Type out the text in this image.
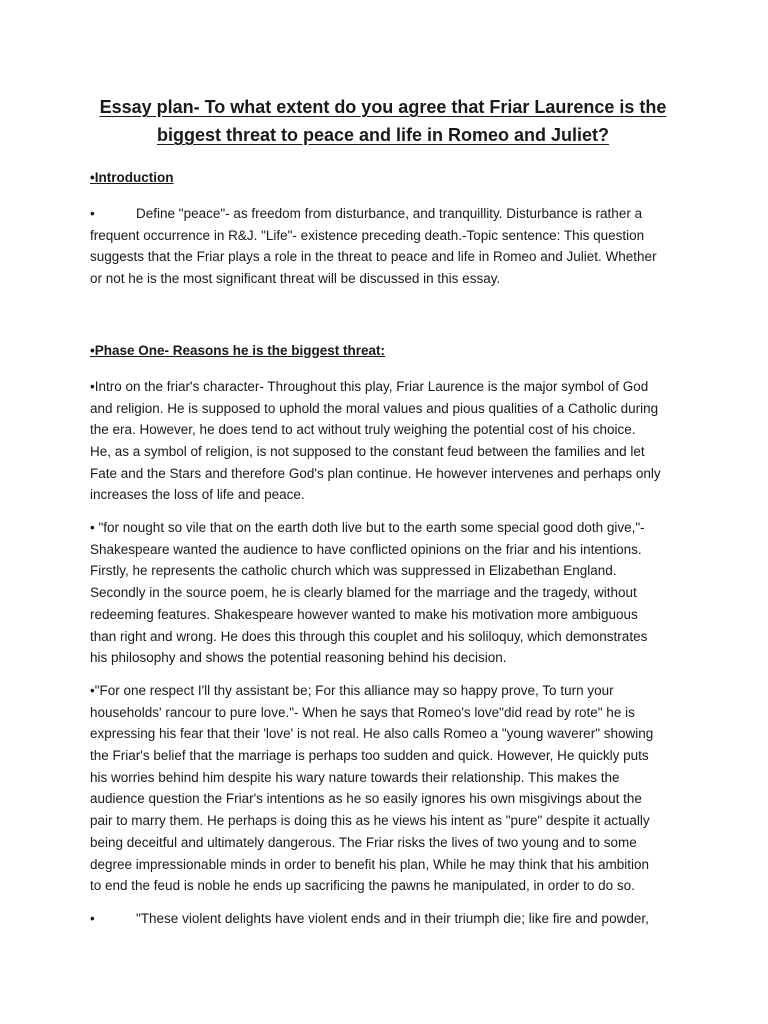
Essay plan- To what extent do you agree that Friar Laurence is the
biggest threat to peace and life in Romeo and Juliet?

•Introduction

•	Define "peace"- as freedom from disturbance, and tranquillity. Disturbance is rather a
frequent occurrence in R&J. "Life"- existence preceding death.-Topic sentence: This question
suggests that the Friar plays a role in the threat to peace and life in Romeo and Juliet. Whether
or not he is the most significant threat will be discussed in this essay.

•Phase One- Reasons he is the biggest threat:

•Intro on the friar's character- Throughout this play, Friar Laurence is the major symbol of God
and religion. He is supposed to uphold the moral values and pious qualities of a Catholic during
the era. However, he does tend to act without truly weighing the potential cost of his choice.
He, as a symbol of religion, is not supposed to the constant feud between the families and let
Fate and the Stars and therefore God's plan continue. He however intervenes and perhaps only
increases the loss of life and peace.

• "for nought so vile that on the earth doth live but to the earth some special good doth give,"-
Shakespeare wanted the audience to have conflicted opinions on the friar and his intentions.
Firstly, he represents the catholic church which was suppressed in Elizabethan England.
Secondly in the source poem, he is clearly blamed for the marriage and the tragedy, without
redeeming features. Shakespeare however wanted to make his motivation more ambiguous
than right and wrong. He does this through this couplet and his soliloquy, which demonstrates
his philosophy and shows the potential reasoning behind his decision.

•"For one respect I'll thy assistant be; For this alliance may so happy prove, To turn your
households' rancour to pure love."- When he says that Romeo's love"did read by rote" he is
expressing his fear that their 'love' is not real. He also calls Romeo a "young waverer" showing
the Friar's belief that the marriage is perhaps too sudden and quick. However, He quickly puts
his worries behind him despite his wary nature towards their relationship. This makes the
audience question the Friar's intentions as he so easily ignores his own misgivings about the
pair to marry them. He perhaps is doing this as he views his intent as "pure" despite it actually
being deceitful and ultimately dangerous. The Friar risks the lives of two young and to some
degree impressionable minds in order to benefit his plan, While he may think that his ambition
to end the feud is noble he ends up sacrificing the pawns he manipulated, in order to do so.

•	"These violent delights have violent ends and in their triumph die; like fire and powder,
